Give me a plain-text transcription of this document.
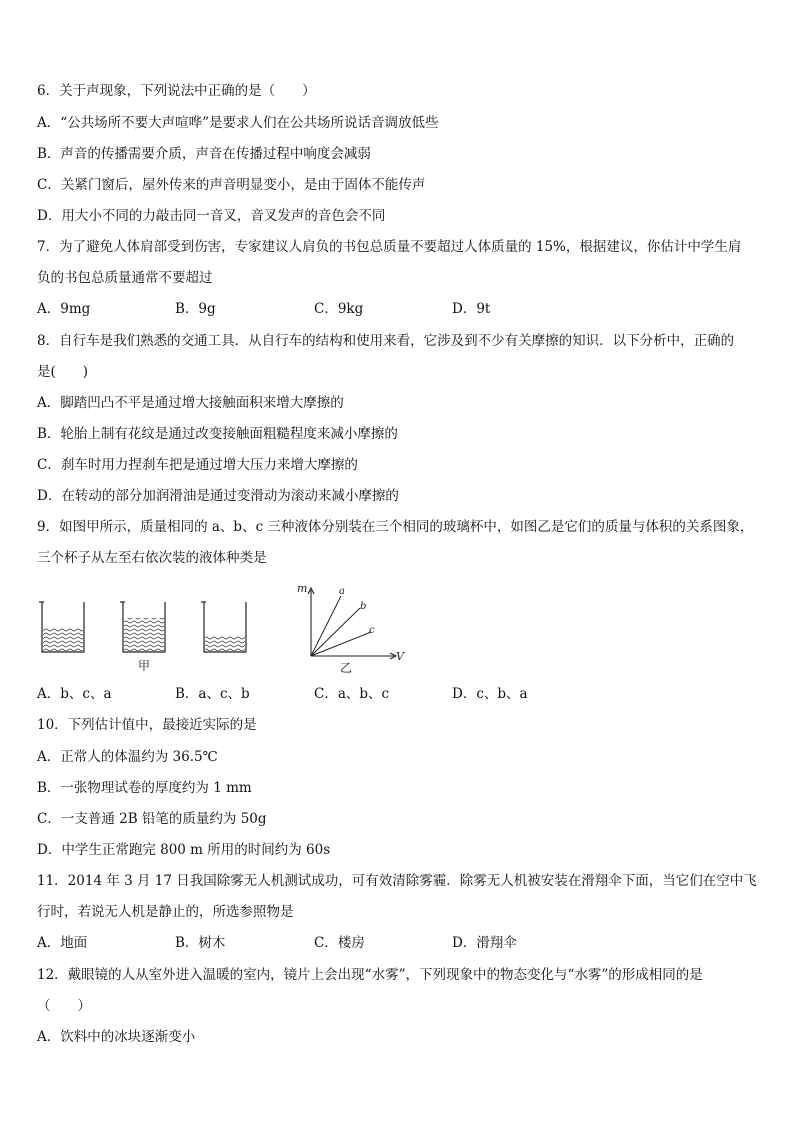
6．关于声现象，下列说法中正确的是（　　）
A．“公共场所不要大声喧哗”是要求人们在公共场所说话音调放低些
B．声音的传播需要介质，声音在传播过程中响度会减弱
C．关紧门窗后，屋外传来的声音明显变小，是由于固体不能传声
D．用大小不同的力敲击同一音叉，音叉发声的音色会不同
7．为了避免人体肩部受到伤害，专家建议人肩负的书包总质量不要超过人体质量的 15%，根据建议，你估计中学生肩
负的书包总质量通常不要超过
A．9mg	B．9g	C．9kg	D．9t
8．自行车是我们熟悉的交通工具．从自行车的结构和使用来看，它涉及到不少有关摩擦的知识．以下分析中，正确的
是(　　)
A．脚踏凹凸不平是通过增大接触面积来增大摩擦的
B．轮胎上制有花纹是通过改变接触面粗糙程度来减小摩擦的
C．刹车时用力捏刹车把是通过增大压力来增大摩擦的
D．在转动的部分加润滑油是通过变滑动为滚动来减小摩擦的
9．如图甲所示，质量相同的 a、b、c 三种液体分别装在三个相同的玻璃杯中，如图乙是它们的质量与体积的关系图象，
三个杯子从左至右依次装的液体种类是
甲
m
V
a
b
c
乙
A．b、c、a	B．a、c、b	C．a、b、c	D．c、b、a
10．下列估计值中，最接近实际的是
A．正常人的体温约为 36.5℃
B．一张物理试卷的厚度约为 1 mm
C．一支普通 2B 铅笔的质量约为 50g
D．中学生正常跑完 800 m 所用的时间约为 60s
11．2014 年 3 月 17 日我国除雾无人机测试成功，可有效清除雾霾．除雾无人机被安装在滑翔伞下面，当它们在空中飞
行时，若说无人机是静止的，所选参照物是
A．地面	B．树木	C．楼房	D．滑翔伞
12．戴眼镜的人从室外进入温暖的室内，镜片上会出现“水雾”，下列现象中的物态变化与“水雾”的形成相同的是
（　　）
A．饮料中的冰块逐渐变小
